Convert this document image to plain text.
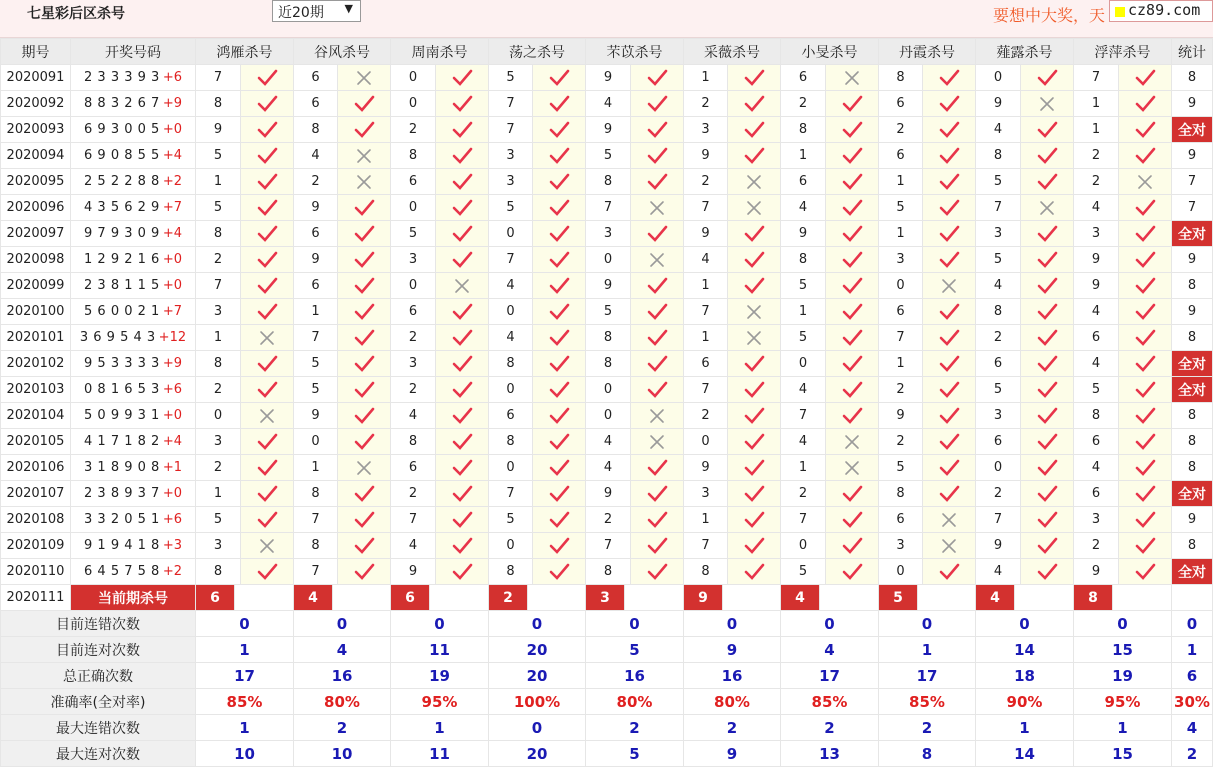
七星彩后区杀号	近20期 ▼	要想中大奖，天	cz89.com
期号	开奖号码	鸿雁杀号	谷风杀号	周南杀号	荡之杀号	芣苡杀号	采薇杀号	小旻杀号	丹霞杀号	薤露杀号	浮萍杀号	统计
2020091	2 3 3 3 9 3 +6	7	6	0	5	9	1	6	8	0	7	8
2020092	8 8 3 2 6 7 +9	8	6	0	7	4	2	2	6	9	1	9
2020093	6 9 3 0 0 5 +0	9	8	2	7	9	3	8	2	4	1	全对
2020094	6 9 0 8 5 5 +4	5	4	8	3	5	9	1	6	8	2	9
2020095	2 5 2 2 8 8 +2	1	2	6	3	8	2	6	1	5	2	7
2020096	4 3 5 6 2 9 +7	5	9	0	5	7	7	4	5	7	4	7
2020097	9 7 9 3 0 9 +4	8	6	5	0	3	9	9	1	3	3	全对
2020098	1 2 9 2 1 6 +0	2	9	3	7	0	4	8	3	5	9	9
2020099	2 3 8 1 1 5 +0	7	6	0	4	9	1	5	0	4	9	8
2020100	5 6 0 0 2 1 +7	3	1	6	0	5	7	1	6	8	4	9
2020101	3 6 9 5 4 3 +12	1	7	2	4	8	1	5	7	2	6	8
2020102	9 5 3 3 3 3 +9	8	5	3	8	8	6	0	1	6	4	全对
2020103	0 8 1 6 5 3 +6	2	5	2	0	0	7	4	2	5	5	全对
2020104	5 0 9 9 3 1 +0	0	9	4	6	0	2	7	9	3	8	8
2020105	4 1 7 1 8 2 +4	3	0	8	8	4	0	4	2	6	6	8
2020106	3 1 8 9 0 8 +1	2	1	6	0	4	9	1	5	0	4	8
2020107	2 3 8 9 3 7 +0	1	8	2	7	9	3	2	8	2	6	全对
2020108	3 3 2 0 5 1 +6	5	7	7	5	2	1	7	6	7	3	9
2020109	9 1 9 4 1 8 +3	3	8	4	0	7	7	0	3	9	2	8
2020110	6 4 5 7 5 8 +2	8	7	9	8	8	8	5	0	4	9	全对
2020111	当前期杀号	6	4	6	2	3	9	4	5	4	8
目前连错次数	0	0	0	0	0	0	0	0	0	0	0
目前连对次数	1	4	11	20	5	9	4	1	14	15	1
总正确次数	17	16	19	20	16	16	17	17	18	19	6
准确率(全对率)	85%	80%	95%	100%	80%	80%	85%	85%	90%	95%	30%
最大连错次数	1	2	1	0	2	2	2	2	1	1	4
最大连对次数	10	10	11	20	5	9	13	8	14	15	2
